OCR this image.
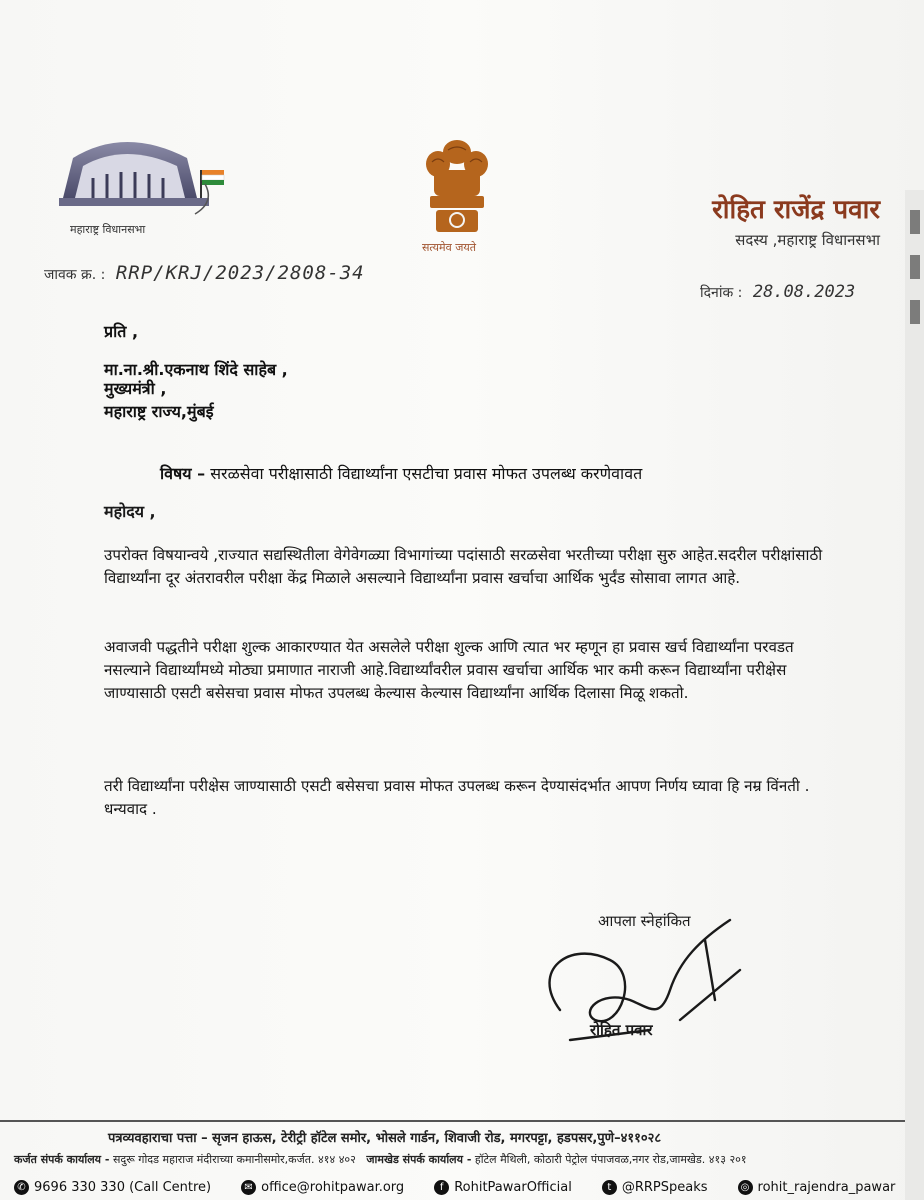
महाराष्ट्र विधानसभा
सत्यमेव जयते
रोहित राजेंद्र पवार
सदस्य ,महाराष्ट्र विधानसभा
जावक क्र. : RRP/KRJ/2023/2808-34
दिनांक : 28.08.2023
प्रति ,
मा.ना.श्री.एकनाथ शिंदे साहेब ,
मुख्यमंत्री ,
महाराष्ट्र राज्य,मुंबई
विषय – सरळसेवा परीक्षासाठी विद्यार्थ्यांना एसटीचा प्रवास मोफत उपलब्ध करणेवावत
महोदय ,
उपरोक्त विषयान्वये ,राज्यात सद्यस्थितीला वेगेवेगळ्या विभागांच्या पदांसाठी सरळसेवा भरतीच्या परीक्षा सुरु आहेत.सदरील परीक्षांसाठी विद्यार्थ्यांना दूर अंतरावरील परीक्षा केंद्र मिळाले असल्याने विद्यार्थ्यांना प्रवास खर्चाचा आर्थिक भुर्दंड सोसावा लागत आहे.
अवाजवी पद्धतीने परीक्षा शुल्क आकारण्यात येत असलेले परीक्षा शुल्क आणि त्यात भर म्हणून हा प्रवास खर्च विद्यार्थ्यांना परवडत नसल्याने विद्यार्थ्यांमध्ये मोठ्या प्रमाणात नाराजी आहे.विद्यार्थ्यांवरील प्रवास खर्चाचा आर्थिक भार कमी करून विद्यार्थ्यांना परीक्षेस जाण्यासाठी एसटी बसेसचा प्रवास मोफत उपलब्ध केल्यास केल्यास विद्यार्थ्यांना आर्थिक दिलासा मिळू शकतो.
तरी विद्यार्थ्यांना परीक्षेस जाण्यासाठी एसटी बसेसचा प्रवास मोफत उपलब्ध करून देण्यासंदर्भात आपण निर्णय घ्यावा हि नम्र विंनती . धन्यवाद .
आपला स्नेहांकित
रोहित पवार
पत्रव्यवहाराचा पत्ता – सृजन हाऊस, टेरीट्री हॉटेल समोर, भोसले गार्डन, शिवाजी रोड, मगरपट्टा, हडपसर,पुणे–४११०२८
कर्जत संपर्क कार्यालय - सदुरू गोदड महाराज मंदीराच्या कमानीसमोर,कर्जत. ४१४ ४०२ जामखेड संपर्क कार्यालय - हॉटेल मैथिली, कोठारी पेट्रोल पंपाजवळ,नगर रोड,जामखेड. ४१३ २०१
✆ 9696 330 330 (Call Centre)	✉ office@rohitpawar.org	f RohitPawarOfficial	t @RRPSpeaks	◎ rohit_rajendra_pawar
